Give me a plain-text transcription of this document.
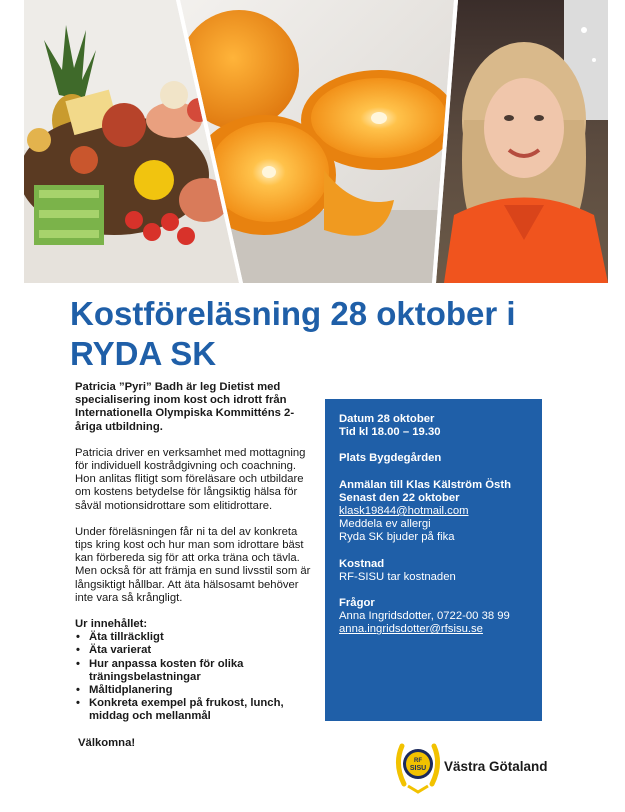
Kostföreläsning 28 oktober i
RYDA SK

Patricia ”Pyri” Badh är leg Dietist med specialisering inom kost och idrott från Internationella Olympiska Kommitténs 2-åriga utbildning.

Patricia driver en verksamhet med mottagning för individuell kostrådgivning och coachning. Hon anlitas flitigt som föreläsare och utbildare om kostens betydelse för långsiktig hälsa för såväl motionsidrottare som elitidrottare.

Under föreläsningen får ni ta del av konkreta tips kring kost och hur man som idrottare bäst kan förbereda sig för att orka träna och tävla. Men också för att främja en sund livsstil som är långsiktigt hållbar. Att äta hälsosamt behöver inte vara så krångligt.

Ur innehållet:

• Äta tillräckligt
• Äta varierat
• Hur anpassa kosten för olika träningsbelastningar
• Måltidplanering
• Konkreta exempel på frukost, lunch, middag och mellanmål

Välkomna!

Datum 28 oktober

Tid kl 18.00 – 19.30

Plats Bygdegården

Anmälan till Klas Kälström Östh

Senast den 22 oktober

klask19844@hotmail.com

Meddela ev allergi

Ryda SK bjuder på fika

Kostnad

RF-SISU tar kostnaden

Frågor

Anna Ingridsdotter, 0722-00 38 99

anna.ingridsdotter@rfsisu.se

RF
SISU Västra Götaland
